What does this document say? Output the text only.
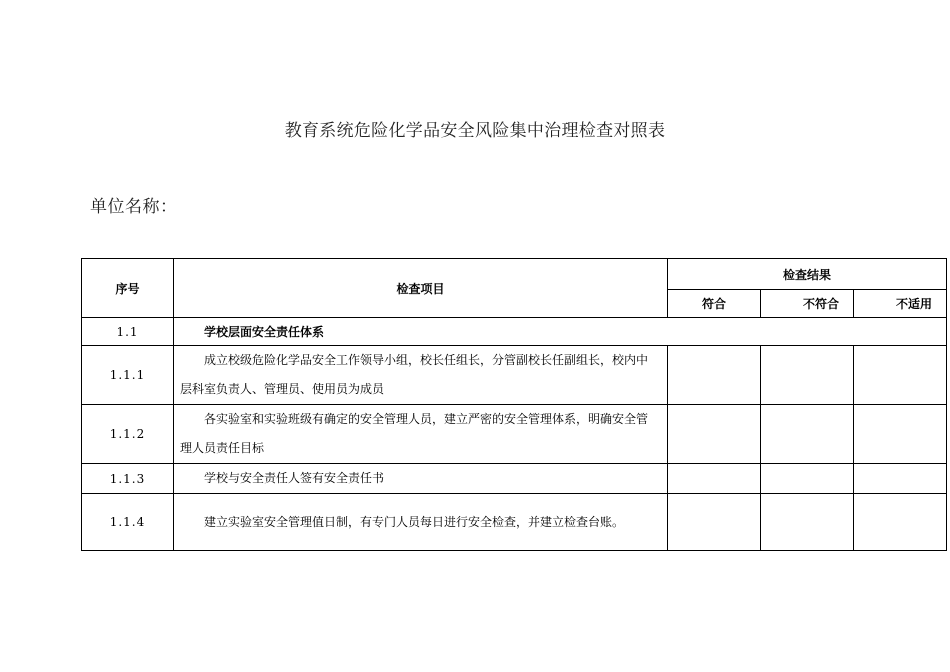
教育系统危险化学品安全风险集中治理检查对照表
单位名称：
序号	检查项目	检查结果		
		符合	不符合	不适用
1.1	学校层面安全责任体系			
1.1.1	成立校级危险化学品安全工作领导小组，校长任组长，分管副校长任副组长，校内中层科室负责人、管理员、使用员为成员			
1.1.2	各实验室和实验班级有确定的安全管理人员，建立严密的安全管理体系，明确安全管理人员责任目标			
1.1.3	学校与安全责任人签有安全责任书			
1.1.4	建立实验室安全管理值日制，有专门人员每日进行安全检查，并建立检查台账。			
